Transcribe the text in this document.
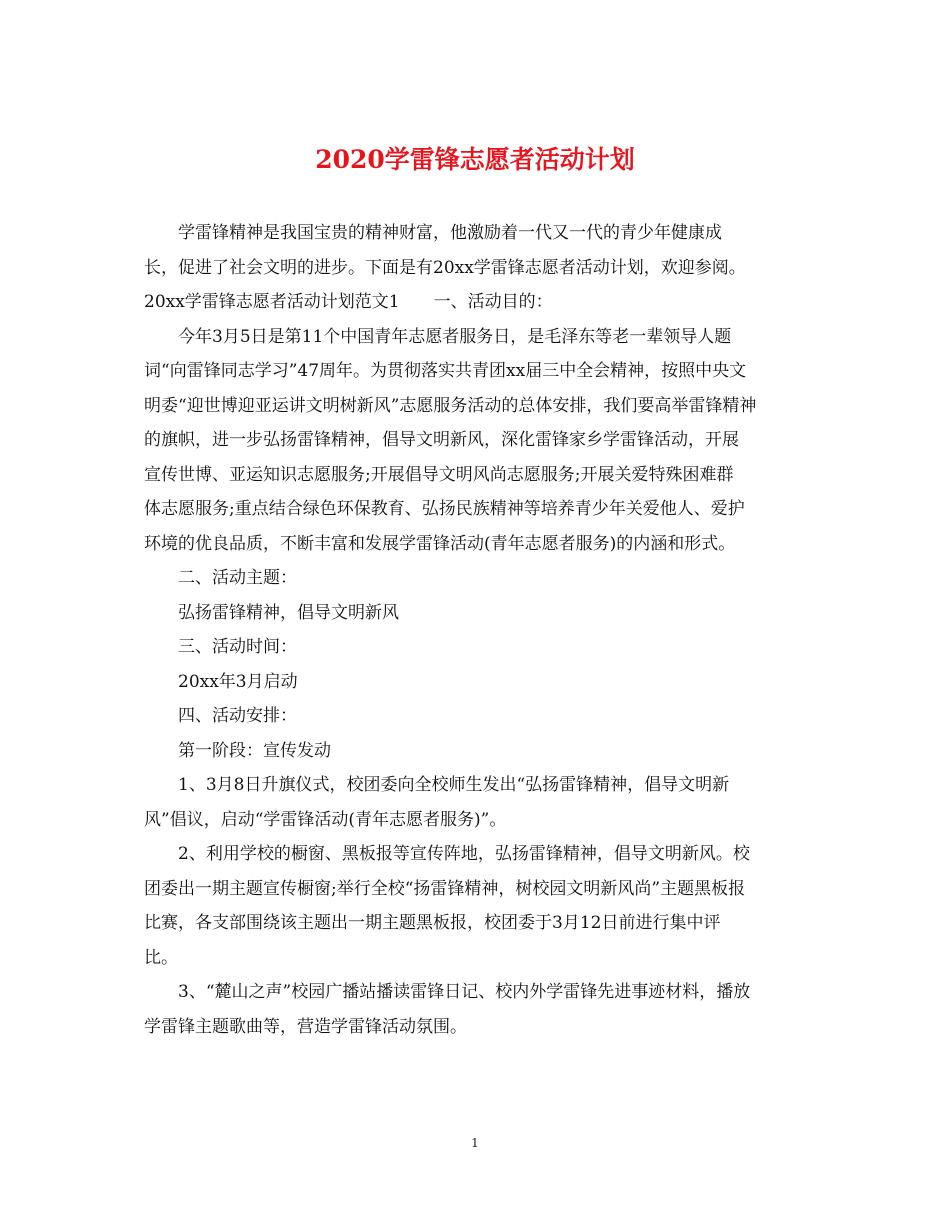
2020学雷锋志愿者活动计划
学雷锋精神是我国宝贵的精神财富，他激励着一代又一代的青少年健康成
长，促进了社会文明的进步。下面是有20xx学雷锋志愿者活动计划，欢迎参阅。
20xx学雷锋志愿者活动计划范文1　　一、活动目的：
今年3月5日是第11个中国青年志愿者服务日，是毛泽东等老一辈领导人题
词“向雷锋同志学习”47周年。为贯彻落实共青团xx届三中全会精神，按照中央文
明委“迎世博迎亚运讲文明树新风”志愿服务活动的总体安排，我们要高举雷锋精神
的旗帜，进一步弘扬雷锋精神，倡导文明新风，深化雷锋家乡学雷锋活动，开展
宣传世博、亚运知识志愿服务;开展倡导文明风尚志愿服务;开展关爱特殊困难群
体志愿服务;重点结合绿色环保教育、弘扬民族精神等培养青少年关爱他人、爱护
环境的优良品质，不断丰富和发展学雷锋活动(青年志愿者服务)的内涵和形式。
二、活动主题：
弘扬雷锋精神，倡导文明新风
三、活动时间：
20xx年3月启动
四、活动安排：
第一阶段：宣传发动
1、3月8日升旗仪式，校团委向全校师生发出“弘扬雷锋精神，倡导文明新
风”倡议，启动“学雷锋活动(青年志愿者服务)”。
2、利用学校的橱窗、黑板报等宣传阵地，弘扬雷锋精神，倡导文明新风。校
团委出一期主题宣传橱窗;举行全校“扬雷锋精神，树校园文明新风尚”主题黑板报
比赛，各支部围绕该主题出一期主题黑板报，校团委于3月12日前进行集中评
比。
3、“麓山之声”校园广播站播读雷锋日记、校内外学雷锋先进事迹材料，播放
学雷锋主题歌曲等，营造学雷锋活动氛围。
1
